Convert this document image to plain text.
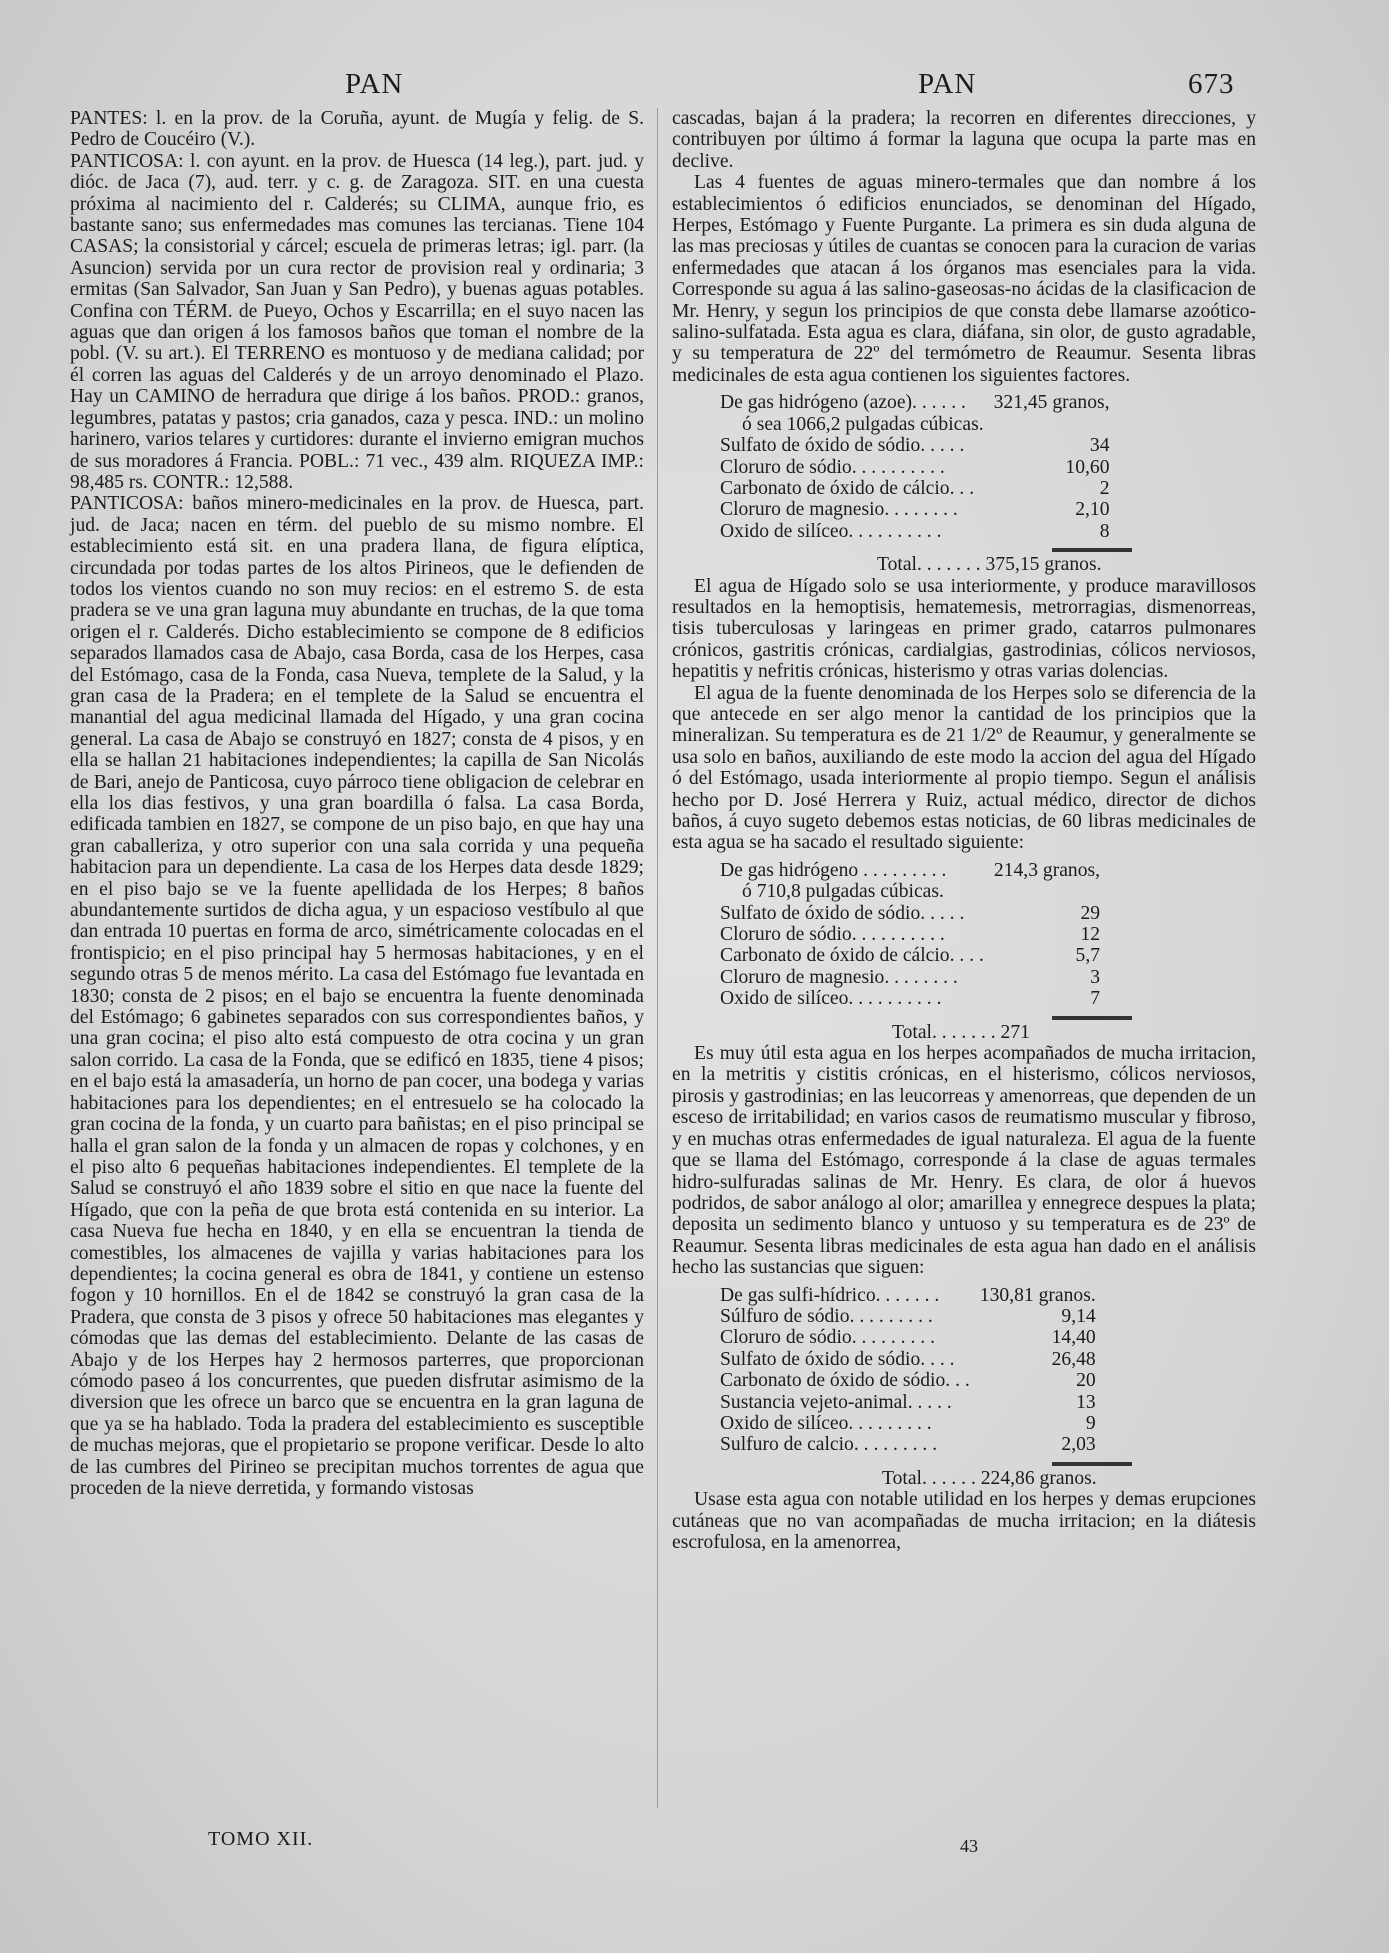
PAN	PAN	673

PANTES: l. en la prov. de la Coruña, ayunt. de Mugía y felig. de S. Pedro de Coucéiro (V.).

PANTICOSA: l. con ayunt. en la prov. de Huesca (14 leg.), part. jud. y dióc. de Jaca (7), aud. terr. y c. g. de Zaragoza. SIT. en una cuesta próxima al nacimiento del r. Calderés; su CLIMA, aunque frio, es bastante sano; sus enfermedades mas comunes las tercianas. Tiene 104 CASAS; la consistorial y cárcel; escuela de primeras letras; igl. parr. (la Asuncion) servida por un cura rector de provision real y ordinaria; 3 ermitas (San Salvador, San Juan y San Pedro), y buenas aguas potables. Confina con TÉRM. de Pueyo, Ochos y Escarrilla; en el suyo nacen las aguas que dan origen á los famosos baños que toman el nombre de la pobl. (V. su art.). El TERRENO es montuoso y de mediana calidad; por él corren las aguas del Calderés y de un arroyo denominado el Plazo. Hay un CAMINO de herradura que dirige á los baños. PROD.: granos, legumbres, patatas y pastos; cria ganados, caza y pesca. IND.: un molino harinero, varios telares y curtidores: durante el invierno emigran muchos de sus moradores á Francia. POBL.: 71 vec., 439 alm. RIQUEZA IMP.: 98,485 rs. CONTR.: 12,588.

PANTICOSA: baños minero-medicinales en la prov. de Huesca, part. jud. de Jaca; nacen en térm. del pueblo de su mismo nombre. El establecimiento está sit. en una pradera llana, de figura elíptica, circundada por todas partes de los altos Pirineos, que le defienden de todos los vientos cuando no son muy recios: en el estremo S. de esta pradera se ve una gran laguna muy abundante en truchas, de la que toma origen el r. Calderés. Dicho establecimiento se compone de 8 edificios separados llamados casa de Abajo, casa Borda, casa de los Herpes, casa del Estómago, casa de la Fonda, casa Nueva, templete de la Salud, y la gran casa de la Pradera; en el templete de la Salud se encuentra el manantial del agua medicinal llamada del Hígado, y una gran cocina general. La casa de Abajo se construyó en 1827; consta de 4 pisos, y en ella se hallan 21 habitaciones independientes; la capilla de San Nicolás de Bari, anejo de Panticosa, cuyo párroco tiene obligacion de celebrar en ella los dias festivos, y una gran boardilla ó falsa. La casa Borda, edificada tambien en 1827, se compone de un piso bajo, en que hay una gran caballeriza, y otro superior con una sala corrida y una pequeña habitacion para un dependiente. La casa de los Herpes data desde 1829; en el piso bajo se ve la fuente apellidada de los Herpes; 8 baños abundantemente surtidos de dicha agua, y un espacioso vestíbulo al que dan entrada 10 puertas en forma de arco, simétricamente colocadas en el frontispicio; en el piso principal hay 5 hermosas habitaciones, y en el segundo otras 5 de menos mérito. La casa del Estómago fue levantada en 1830; consta de 2 pisos; en el bajo se encuentra la fuente denominada del Estómago; 6 gabinetes separados con sus correspondientes baños, y una gran cocina; el piso alto está compuesto de otra cocina y un gran salon corrido. La casa de la Fonda, que se edificó en 1835, tiene 4 pisos; en el bajo está la amasadería, un horno de pan cocer, una bodega y varias habitaciones para los dependientes; en el entresuelo se ha colocado la gran cocina de la fonda, y un cuarto para bañistas; en el piso principal se halla el gran salon de la fonda y un almacen de ropas y colchones, y en el piso alto 6 pequeñas habitaciones independientes. El templete de la Salud se construyó el año 1839 sobre el sitio en que nace la fuente del Hígado, que con la peña de que brota está contenida en su interior. La casa Nueva fue hecha en 1840, y en ella se encuentran la tienda de comestibles, los almacenes de vajilla y varias habitaciones para los dependientes; la cocina general es obra de 1841, y contiene un estenso fogon y 10 hornillos. En el de 1842 se construyó la gran casa de la Pradera, que consta de 3 pisos y ofrece 50 habitaciones mas elegantes y cómodas que las demas del establecimiento. Delante de las casas de Abajo y de los Herpes hay 2 hermosos parterres, que proporcionan cómodo paseo á los concurrentes, que pueden disfrutar asimismo de la diversion que les ofrece un barco que se encuentra en la gran laguna de que ya se ha hablado. Toda la pradera del establecimiento es susceptible de muchas mejoras, que el propietario se propone verificar. Desde lo alto de las cumbres del Pirineo se precipitan muchos torrentes de agua que proceden de la nieve derretida, y formando vistosas

cascadas, bajan á la pradera; la recorren en diferentes direcciones, y contribuyen por último á formar la laguna que ocupa la parte mas en declive.

Las 4 fuentes de aguas minero-termales que dan nombre á los establecimientos ó edificios enunciados, se denominan del Hígado, Herpes, Estómago y Fuente Purgante. La primera es sin duda alguna de las mas preciosas y útiles de cuantas se conocen para la curacion de varias enfermedades que atacan á los órganos mas esenciales para la vida. Corresponde su agua á las salino-gaseosas-no ácidas de la clasificacion de Mr. Henry, y segun los principios de que consta debe llamarse azoótico-salino-sulfatada. Esta agua es clara, diáfana, sin olor, de gusto agradable, y su temperatura de 22º del termómetro de Reaumur. Sesenta libras medicinales de esta agua contienen los siguientes factores.

De gas hidrógeno (azoe). . . . . .	321,45 granos,
ó sea 1066,2 pulgadas cúbicas.	
Sulfato de óxido de sódio. . . . .	34
Cloruro de sódio. . . . . . . . . .	10,60
Carbonato de óxido de cálcio. . .	2
Cloruro de magnesio. . . . . . . .	2,10
Oxido de silíceo. . . . . . . . . .	8

Total. . . . . . . 375,15 granos.

El agua de Hígado solo se usa interiormente, y produce maravillosos resultados en la hemoptisis, hematemesis, metrorragias, dismenorreas, tisis tuberculosas y laringeas en primer grado, catarros pulmonares crónicos, gastritis crónicas, cardialgias, gastrodinias, cólicos nerviosos, hepatitis y nefritis crónicas, histerismo y otras varias dolencias.

El agua de la fuente denominada de los Herpes solo se diferencia de la que antecede en ser algo menor la cantidad de los principios que la mineralizan. Su temperatura es de 21 1/2º de Reaumur, y generalmente se usa solo en baños, auxiliando de este modo la accion del agua del Hígado ó del Estómago, usada interiormente al propio tiempo. Segun el análisis hecho por D. José Herrera y Ruiz, actual médico, director de dichos baños, á cuyo sugeto debemos estas noticias, de 60 libras medicinales de esta agua se ha sacado el resultado siguiente:

De gas hidrógeno . . . . . . . . .	214,3 granos,
ó 710,8 pulgadas cúbicas.	
Sulfato de óxido de sódio. . . . .	29
Cloruro de sódio. . . . . . . . . .	12
Carbonato de óxido de cálcio. . . .	5,7
Cloruro de magnesio. . . . . . . .	3
Oxido de silíceo. . . . . . . . . .	7

Total. . . . . . . 271

Es muy útil esta agua en los herpes acompañados de mucha irritacion, en la metritis y cistitis crónicas, en el histerismo, cólicos nerviosos, pirosis y gastrodinias; en las leucorreas y amenorreas, que dependen de un esceso de irritabilidad; en varios casos de reumatismo muscular y fibroso, y en muchas otras enfermedades de igual naturaleza. El agua de la fuente que se llama del Estómago, corresponde á la clase de aguas termales hidro-sulfuradas salinas de Mr. Henry. Es clara, de olor á huevos podridos, de sabor análogo al olor; amarillea y ennegrece despues la plata; deposita un sedimento blanco y untuoso y su temperatura es de 23º de Reaumur. Sesenta libras medicinales de esta agua han dado en el análisis hecho las sustancias que siguen:

De gas sulfi-hídrico. . . . . . .	130,81 granos.
Súlfuro de sódio. . . . . . . . .	9,14
Cloruro de sódio. . . . . . . . .	14,40
Sulfato de óxido de sódio. . . .	26,48
Carbonato de óxido de sódio. . .	20
Sustancia vejeto-animal. . . . .	13
Oxido de silíceo. . . . . . . . .	9
Sulfuro de calcio. . . . . . . . .	2,03

Total. . . . . . 224,86 granos.

Usase esta agua con notable utilidad en los herpes y demas erupciones cutáneas que no van acompañadas de mucha irritacion; en la diátesis escrofulosa, en la amenorrea,

TOMO XII.	43
